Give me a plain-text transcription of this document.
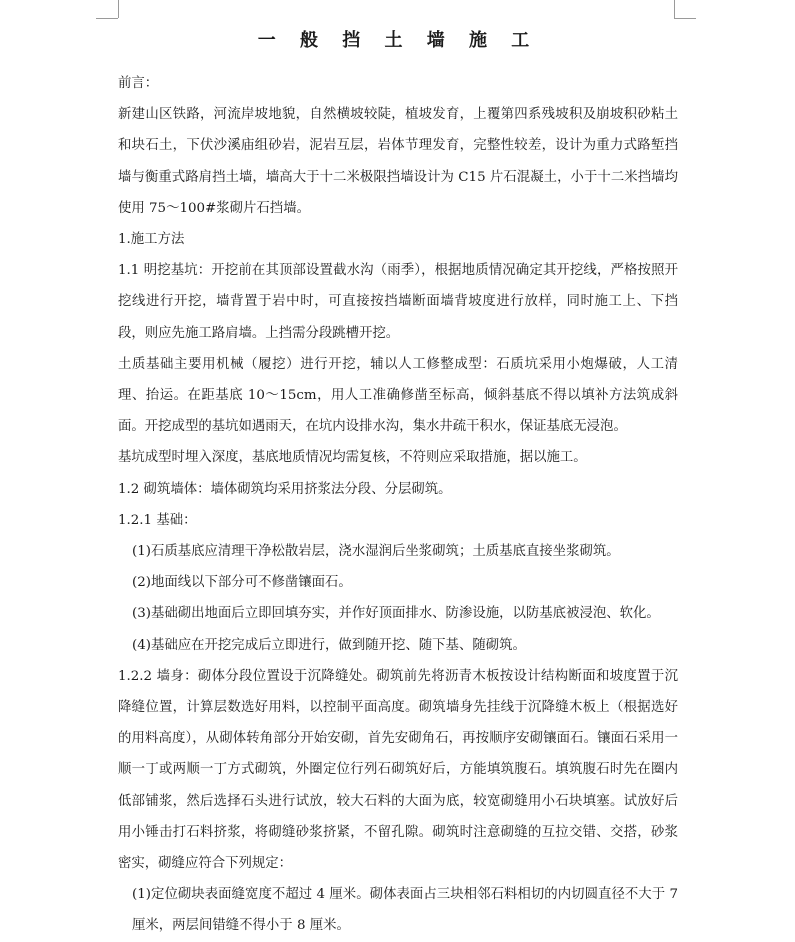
一 般 挡 土 墙 施 工

前言：

新建山区铁路，河流岸坡地貌，自然横坡较陡，植坡发育，上覆第四系残坡积及崩坡积砂粘土和块石土，下伏沙溪庙组砂岩，泥岩互层，岩体节理发育，完整性较差，设计为重力式路堑挡墙与衡重式路肩挡土墙，墙高大于十二米极限挡墙设计为 C15 片石混凝土，小于十二米挡墙均使用 75～100#浆砌片石挡墙。

1.施工方法

1.1 明挖基坑：开挖前在其顶部设置截水沟（雨季），根据地质情况确定其开挖线，严格按照开挖线进行开挖，墙背置于岩中时，可直接按挡墙断面墙背坡度进行放样，同时施工上、下挡段，则应先施工路肩墙。上挡需分段跳槽开挖。

土质基础主要用机械（履挖）进行开挖，辅以人工修整成型：石质坑采用小炮爆破，人工清理、抬运。在距基底 10～15cm，用人工准确修凿至标高，倾斜基底不得以填补方法筑成斜面。开挖成型的基坑如遇雨天，在坑内设排水沟，集水井疏干积水，保证基底无浸泡。

基坑成型时埋入深度，基底地质情况均需复核，不符则应采取措施，据以施工。

1.2 砌筑墙体：墙体砌筑均采用挤浆法分段、分层砌筑。

1.2.1 基础：

(1)石质基底应清理干净松散岩层，浇水湿润后坐浆砌筑；土质基底直接坐浆砌筑。

(2)地面线以下部分可不修凿镶面石。

(3)基础砌出地面后立即回填夯实，并作好顶面排水、防渗设施，以防基底被浸泡、软化。

(4)基础应在开挖完成后立即进行，做到随开挖、随下基、随砌筑。

1.2.2 墙身：砌体分段位置设于沉降缝处。砌筑前先将沥青木板按设计结构断面和坡度置于沉降缝位置，计算层数选好用料，以控制平面高度。砌筑墙身先挂线于沉降缝木板上（根据选好的用料高度），从砌体转角部分开始安砌，首先安砌角石，再按顺序安砌镶面石。镶面石采用一顺一丁或两顺一丁方式砌筑，外圈定位行列石砌筑好后，方能填筑腹石。填筑腹石时先在圈内低部铺浆，然后选择石头进行试放，较大石料的大面为底，较宽砌缝用小石块填塞。试放好后用小锤击打石料挤浆，将砌缝砂浆挤紧，不留孔隙。砌筑时注意砌缝的互拉交错、交搭，砂浆密实，砌缝应符合下列规定：

(1)定位砌块表面缝宽度不超过 4 厘米。砌体表面占三块相邻石料相切的内切圆直径不大于 7 厘米，两层间错缝不得小于 8 厘米。
